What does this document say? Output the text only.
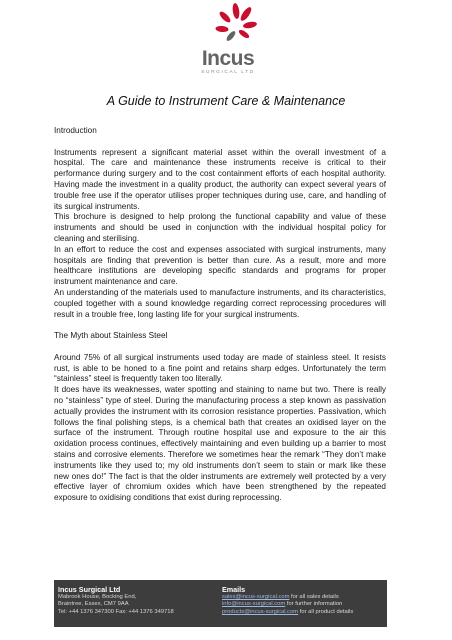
Incus
SURGICAL LTD
A Guide to Instrument Care & Maintenance

Introduction

Instruments represent a significant material asset within the overall investment of a hospital. The care and maintenance these instruments receive is critical to their performance during surgery and to the cost containment efforts of each hospital authority. Having made the investment in a quality product, the authority can expect several years of trouble free use if the operator utilises proper techniques during use, care, and handling of its surgical instruments.

This brochure is designed to help prolong the functional capability and value of these instruments and should be used in conjunction with the individual hospital policy for cleaning and sterilising.

In an effort to reduce the cost and expenses associated with surgical instruments, many hospitals are finding that prevention is better than cure. As a result, more and more healthcare institutions are developing specific standards and programs for proper instrument maintenance and care.

An understanding of the materials used to manufacture instruments, and its characteristics, coupled together with a sound knowledge regarding correct reprocessing procedures will result in a trouble free, long lasting life for your surgical instruments.

The Myth about Stainless Steel

Around 75% of all surgical instruments used today are made of stainless steel. It resists rust, is able to be honed to a fine point and retains sharp edges. Unfortunately the term “stainless” steel is frequently taken too literally.

It does have its weaknesses, water spotting and staining to name but two. There is really no “stainless” type of steel. During the manufacturing process a step known as passivation actually provides the instrument with its corrosion resistance properties. Passivation, which follows the final polishing steps, is a chemical bath that creates an oxidised layer on the surface of the instrument. Through routine hospital use and exposure to the air this oxidation process continues, effectively maintaining and even building up a barrier to most stains and corrosive elements. Therefore we sometimes hear the remark “They don’t make instruments like they used to; my old instruments don’t seem to stain or mark like these new ones do!” The fact is that the older instruments are extremely well protected by a very effective layer of chromium oxides which have been strengthened by the repeated exposure to oxidising conditions that exist during reprocessing.

Incus Surgical Ltd
Mabrook House, Bocking End,
Braintree, Essex, CM7 9AA
Tel: +44 1376 347300 Fax: +44 1376 349718
Emails
sales@incus-surgical.com for all sales details
info@incus-surgical.com for further information
products@incus-surgical.com for all product details
